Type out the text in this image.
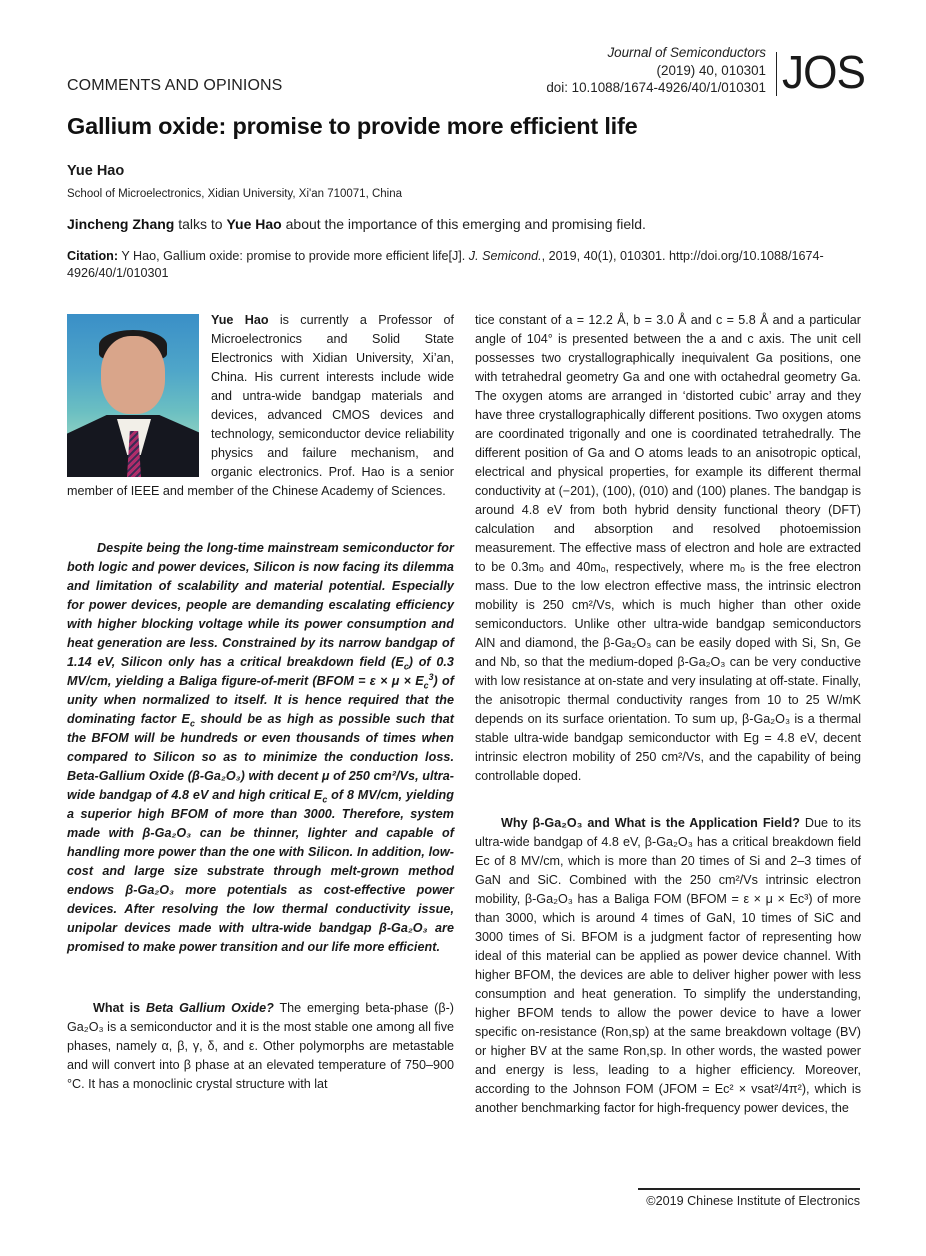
COMMENTS AND OPINIONS
Journal of Semiconductors
(2019) 40, 010301
doi: 10.1088/1674-4926/40/1/010301 JOS
Gallium oxide: promise to provide more efficient life
Yue Hao
School of Microelectronics, Xidian University, Xi'an 710071, China
Jincheng Zhang talks to Yue Hao about the importance of this emerging and promising field.
Citation: Y Hao, Gallium oxide: promise to provide more efficient life[J]. J. Semicond., 2019, 40(1), 010301. http://doi.org/10.1088/1674-4926/40/1/010301

Yue Hao is currently a Professor of Microelectronics and Solid State Electronics with Xidian University, Xi’an, China. His current interests include wide and untra-wide bandgap materials and devices, advanced CMOS devices and technology, semiconductor device reliability physics and failure mechanism, and organic electronics. Prof. Hao is a senior member of IEEE and member of the Chinese Academy of Sciences.

Despite being the long-time mainstream semiconductor for both logic and power devices, Silicon is now facing its dilemma and limitation of scalability and material potential. Especially for power devices, people are demanding escalating efficiency with higher blocking voltage while its power consumption and heat generation are less. Constrained by its narrow bandgap of 1.14 eV, Silicon only has a critical breakdown field $(E_c)$ of 0.3 MV/cm, yielding a Baliga figure-of-merit (BFOM = $\varepsilon \times \mu \times E_c^3$) of unity when normalized to itself. It is hence required that the dominating factor $E_c$ should be as high as possible such that the BFOM will be hundreds or even thousands of times when compared to Silicon so as to minimize the conduction loss. Beta-Gallium Oxide (β-Ga₂O₃) with decent μ of 250 cm²/Vs, ultra-wide bandgap of 4.8 eV and high critical $E_c$ of 8 MV/cm, yielding a superior high BFOM of more than 3000. Therefore, system made with β-Ga₂O₃ can be thinner, lighter and capable of handling more power than the one with Silicon. In addition, low-cost and large size substrate through melt-grown method endows β-Ga₂O₃ more potentials as cost-effective power devices. After resolving the low thermal conductivity issue, unipolar devices made with ultra-wide bandgap β-Ga₂O₃ are promised to make power transition and our life more efficient.

What is Beta Gallium Oxide? The emerging beta-phase (β-) Ga₂O₃ is a semiconductor and it is the most stable one among all five phases, namely α, β, γ, δ, and ε. Other polymorphs are metastable and will convert into β phase at an elevated temperature of 750–900 °C. It has a monoclinic crystal structure with lat

tice constant of a = 12.2 Å, b = 3.0 Å and c = 5.8 Å and a particular angle of 104° is presented between the a and c axis. The unit cell possesses two crystallographically inequivalent Ga positions, one with tetrahedral geometry Ga and one with octahedral geometry Ga. The oxygen atoms are arranged in ‘distorted cubic’ array and they have three crystallographically different positions. Two oxygen atoms are coordinated trigonally and one is coordinated tetrahedrally. The different position of Ga and O atoms leads to an anisotropic optical, electrical and physical properties, for example its different thermal conductivity at (−201), (100), (010) and (100) planes. The bandgap is around 4.8 eV from both hybrid density functional theory (DFT) calculation and absorption and resolved photoemission measurement. The effective mass of electron and hole are extracted to be 0.3mₒ and 40mₒ, respectively, where mₒ is the free electron mass. Due to the low electron effective mass, the intrinsic electron mobility is 250 cm²/Vs, which is much higher than other oxide semiconductors. Unlike other ultra-wide bandgap semiconductors AlN and diamond, the β-Ga₂O₃ can be easily doped with Si, Sn, Ge and Nb, so that the medium-doped β-Ga₂O₃ can be very conductive with low resistance at on-state and very insulating at off-state. Finally, the anisotropic thermal conductivity ranges from 10 to 25 W/mK depends on its surface orientation. To sum up, β-Ga₂O₃ is a thermal stable ultra-wide bandgap semiconductor with Eg = 4.8 eV, decent intrinsic electron mobility of 250 cm²/Vs, and the capability of being controllable doped.

Why β-Ga₂O₃ and What is the Application Field? Due to its ultra-wide bandgap of 4.8 eV, β-Ga₂O₃ has a critical breakdown field Ec of 8 MV/cm, which is more than 20 times of Si and 2–3 times of GaN and SiC. Combined with the 250 cm²/Vs intrinsic electron mobility, β-Ga₂O₃ has a Baliga FOM (BFOM = ε × μ × Ec³) of more than 3000, which is around 4 times of GaN, 10 times of SiC and 3000 times of Si. BFOM is a judgment factor of representing how ideal of this material can be applied as power device channel. With higher BFOM, the devices are able to deliver higher power with less consumption and heat generation. To simplify the understanding, higher BFOM tends to allow the power device to have a lower specific on-resistance (Ron,sp) at the same breakdown voltage (BV) or higher BV at the same Ron,sp. In other words, the wasted power and energy is less, leading to a higher efficiency. Moreover, according to the Johnson FOM (JFOM = Ec² × vsat²/4π²), which is another benchmarking factor for high-frequency power devices, the

©2019 Chinese Institute of Electronics
